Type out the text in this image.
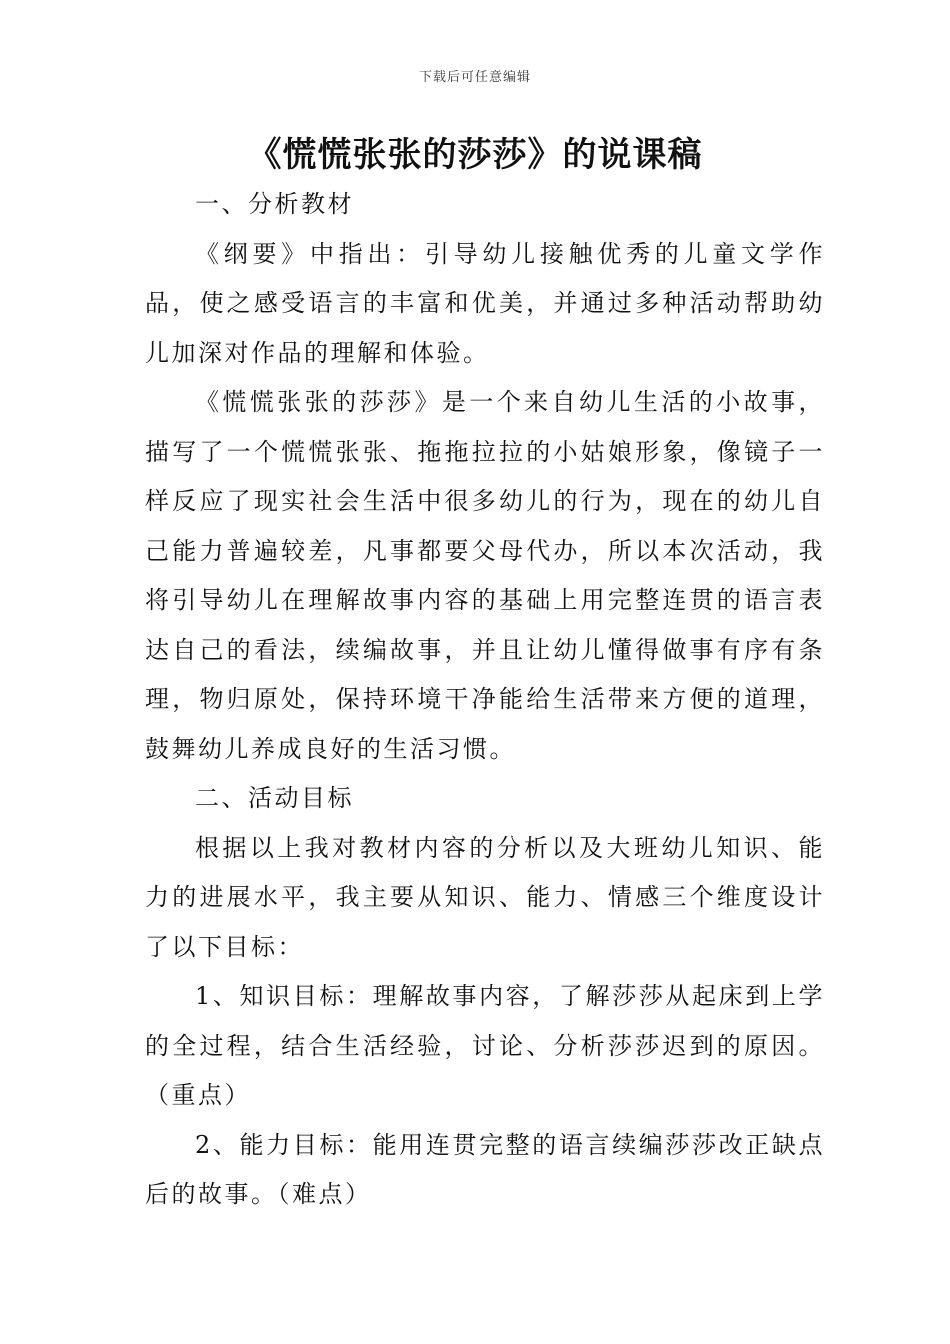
下载后可任意编辑
《慌慌张张的莎莎》的说课稿

一、分析教材

《纲要》中指出：引导幼儿接触优秀的儿童文学作品，使之感受语言的丰富和优美，并通过多种活动帮助幼儿加深对作品的理解和体验。

《慌慌张张的莎莎》是一个来自幼儿生活的小故事，描写了一个慌慌张张、拖拖拉拉的小姑娘形象，像镜子一样反应了现实社会生活中很多幼儿的行为，现在的幼儿自己能力普遍较差，凡事都要父母代办，所以本次活动，我将引导幼儿在理解故事内容的基础上用完整连贯的语言表达自己的看法，续编故事，并且让幼儿懂得做事有序有条理，物归原处，保持环境干净能给生活带来方便的道理，鼓舞幼儿养成良好的生活习惯。

二、活动目标

根据以上我对教材内容的分析以及大班幼儿知识、能力的进展水平，我主要从知识、能力、情感三个维度设计了以下目标：

1、知识目标：理解故事内容，了解莎莎从起床到上学的全过程，结合生活经验，讨论、分析莎莎迟到的原因。（重点）

2、能力目标：能用连贯完整的语言续编莎莎改正缺点后的故事。（难点）
